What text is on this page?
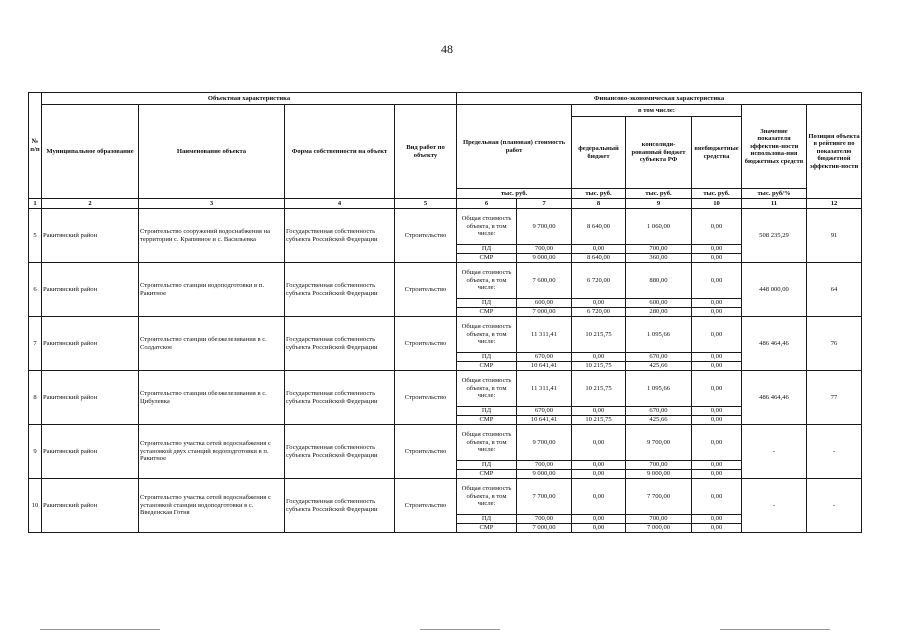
48
№ п/п	Объектная характеристика				Финансово-экономическая характеристика						
	Муниципальное образование	Наименование объекта	Форма собственности на объект	Вид работ по объекту	Предельная (плановая) стоимость работ		в том числе:			Значение показателя эффектив-ности использова-ния бюджетных средств	Позиция объекта в рейтинге по показателю бюджетной эффектив-ности
							федеральный бюджет	консолиди-рованный бюджет субъекта РФ	внебюджетные средства		
					тыс. руб.		тыс. руб.	тыс. руб.	тыс. руб.	тыс. руб/%	
1	2	3	4	5	6	7	8	9	10	11	12
5	Ракитянский район	Строительство сооружений водоснабжения на территории с. Крапивное и с. Васильевка	Государственная собственность субъекта Российской Федерации	Строительство	Общая стоимость объекта, в том числе:	9 700,00	8 640,00	1 060,00	0,00	508 235,29	91
					ПД	700,00	0,00	700,00	0,00		
					СМР	9 000,00	8 640,00	360,00	0,00		
6	Ракитянский район	Строительство станции водоподготовки в п. Ракитное	Государственная собственность субъекта Российской Федерации	Строительство	Общая стоимость объекта, в том числе:	7 600,00	6 720,00	880,00	0,00	448 000,00	64
					ПД	600,00	0,00	600,00	0,00		
					СМР	7 000,00	6 720,00	280,00	0,00		
7	Ракитянский район	Строительство станции обезжелезивания в с. Солдатское	Государственная собственность субъекта Российской Федерации	Строительство	Общая стоимость объекта, в том числе:	11 311,41	10 215,75	1 095,66	0,00	486 464,46	76
					ПД	670,00	0,00	670,00	0,00		
					СМР	10 641,41	10 215,75	425,66	0,00		
8	Ракитянский район	Строительство станции обезжелезивания в с. Цибулевка	Государственная собственность субъекта Российской Федерации	Строительство	Общая стоимость объекта, в том числе:	11 311,41	10 215,75	1 095,66	0,00	486 464,46	77
					ПД	670,00	0,00	670,00	0,00		
					СМР	10 641,41	10 215,75	425,66	0,00		
9	Ракитянский район	Строительство участка сетей водоснабжения с установкой двух станций водоподготовки в п. Ракитное	Государственная собственность субъекта Российской Федерации	Строительство	Общая стоимость объекта, в том числе:	9 700,00	0,00	9 700,00	0,00	-	-
					ПД	700,00	0,00	700,00	0,00		
					СМР	9 000,00	0,00	9 000,00	0,00		
10	Ракитянский район	Строительство участка сетей водоснабжения с установкой станции водоподготовки в с. Введенская Готня	Государственная собственность субъекта Российской Федерации	Строительство	Общая стоимость объекта, в том числе:	7 700,00	0,00	7 700,00	0,00	-	-
					ПД	700,00	0,00	700,00	0,00		
					СМР	7 000,00	0,00	7 000,00	0,00		
